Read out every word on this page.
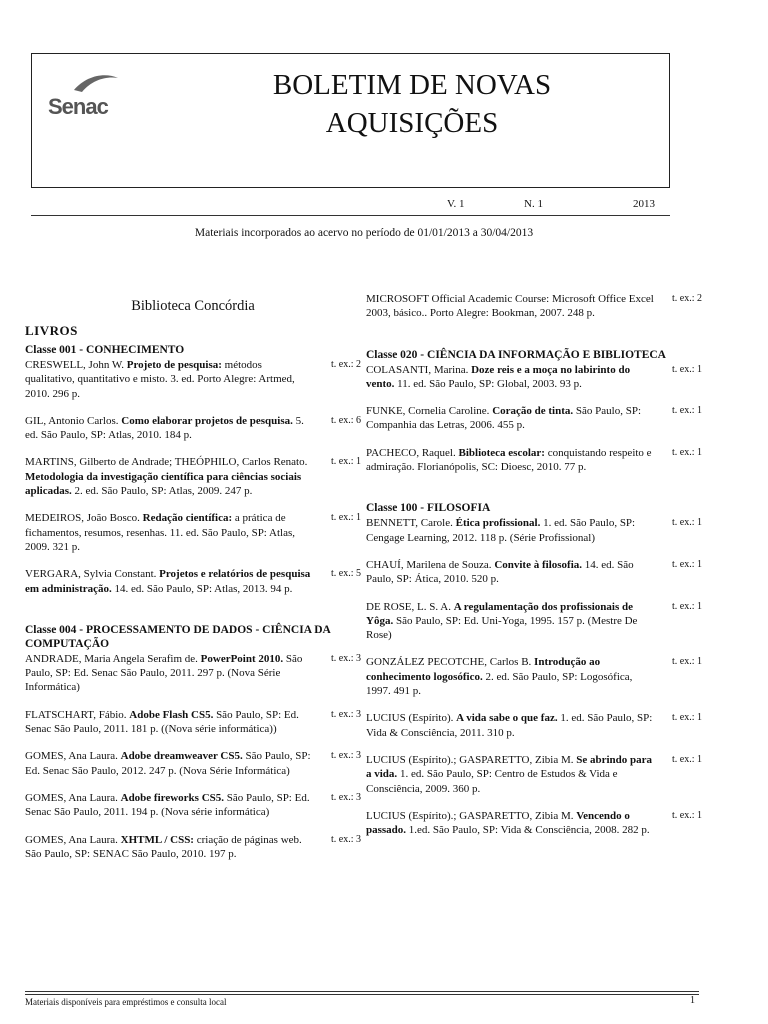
Senac
BOLETIM DE NOVAS
AQUISIÇÕES
V. 1	N. 1	2013
Materiais incorporados ao acervo no período de 01/01/2013 a 30/04/2013
Biblioteca Concórdia
LIVROS
Classe 001 - CONHECIMENTO
CRESWELL, John W. Projeto de pesquisa: métodos qualitativo, quantitativo e misto. 3. ed. Porto Alegre: Artmed, 2010. 296 p.
t. ex.: 2
GIL, Antonio Carlos. Como elaborar projetos de pesquisa. 5. ed. São Paulo, SP: Atlas, 2010. 184 p.
t. ex.: 6
MARTINS, Gilberto de Andrade; THEÓPHILO, Carlos Renato. Metodologia da investigação científica para ciências sociais aplicadas. 2. ed. São Paulo, SP: Atlas, 2009. 247 p.
t. ex.: 1
MEDEIROS, João Bosco. Redação científica: a prática de fichamentos, resumos, resenhas. 11. ed. São Paulo, SP: Atlas, 2009. 321 p.
t. ex.: 1
VERGARA, Sylvia Constant. Projetos e relatórios de pesquisa em administração. 14. ed. São Paulo, SP: Atlas, 2013. 94 p.
t. ex.: 5
Classe 004 - PROCESSAMENTO DE DADOS - CIÊNCIA DA COMPUTAÇÃO
ANDRADE, Maria Angela Serafim de. PowerPoint 2010. São Paulo, SP: Ed. Senac São Paulo, 2011. 297 p. (Nova Série Informática)
t. ex.: 3
FLATSCHART, Fábio. Adobe Flash CS5. São Paulo, SP: Ed. Senac São Paulo, 2011. 181 p. ((Nova série informática))
t. ex.: 3
GOMES, Ana Laura. Adobe dreamweaver CS5. São Paulo, SP: Ed. Senac São Paulo, 2012. 247 p. (Nova Série Informática)
t. ex.: 3
GOMES, Ana Laura. Adobe fireworks CS5. São Paulo, SP: Ed. Senac São Paulo, 2011. 194 p. (Nova série informática)
t. ex.: 3
GOMES, Ana Laura. XHTML / CSS: criação de páginas web. São Paulo, SP: SENAC São Paulo, 2010. 197 p.
t. ex.: 3
MICROSOFT Official Academic Course: Microsoft Office Excel 2003, básico.. Porto Alegre: Bookman, 2007. 248 p.
t. ex.: 2
Classe 020 - CIÊNCIA DA INFORMAÇÃO E BIBLIOTECA
COLASANTI, Marina. Doze reis e a moça no labirinto do vento. 11. ed. São Paulo, SP: Global, 2003. 93 p.
t. ex.: 1
FUNKE, Cornelia Caroline. Coração de tinta. São Paulo, SP: Companhia das Letras, 2006. 455 p.
t. ex.: 1
PACHECO, Raquel. Biblioteca escolar: conquistando respeito e admiração. Florianópolis, SC: Dioesc, 2010. 77 p.
t. ex.: 1
Classe 100 - FILOSOFIA
BENNETT, Carole. Ética profissional. 1. ed. São Paulo, SP: Cengage Learning, 2012. 118 p. (Série Profissional)
t. ex.: 1
CHAUÍ, Marilena de Souza. Convite à filosofia. 14. ed. São Paulo, SP: Ática, 2010. 520 p.
t. ex.: 1
DE ROSE, L. S. A. A regulamentação dos profissionais de Yôga. São Paulo, SP: Ed. Uni-Yoga, 1995. 157 p. (Mestre De Rose)
t. ex.: 1
GONZÁLEZ PECOTCHE, Carlos B. Introdução ao conhecimento logosófico. 2. ed. São Paulo, SP: Logosófica, 1997. 491 p.
t. ex.: 1
LUCIUS (Espírito). A vida sabe o que faz. 1. ed. São Paulo, SP: Vida & Consciência, 2011. 310 p.
t. ex.: 1
LUCIUS (Espírito).; GASPARETTO, Zibia M. Se abrindo para a vida. 1. ed. São Paulo, SP: Centro de Estudos & Vida e Consciência, 2009. 360 p.
t. ex.: 1
LUCIUS (Espírito).; GASPARETTO, Zibia M. Vencendo o passado. 1.ed. São Paulo, SP: Vida & Consciência, 2008. 282 p.
t. ex.: 1
Materiais disponíveis para empréstimos e consulta local	1
